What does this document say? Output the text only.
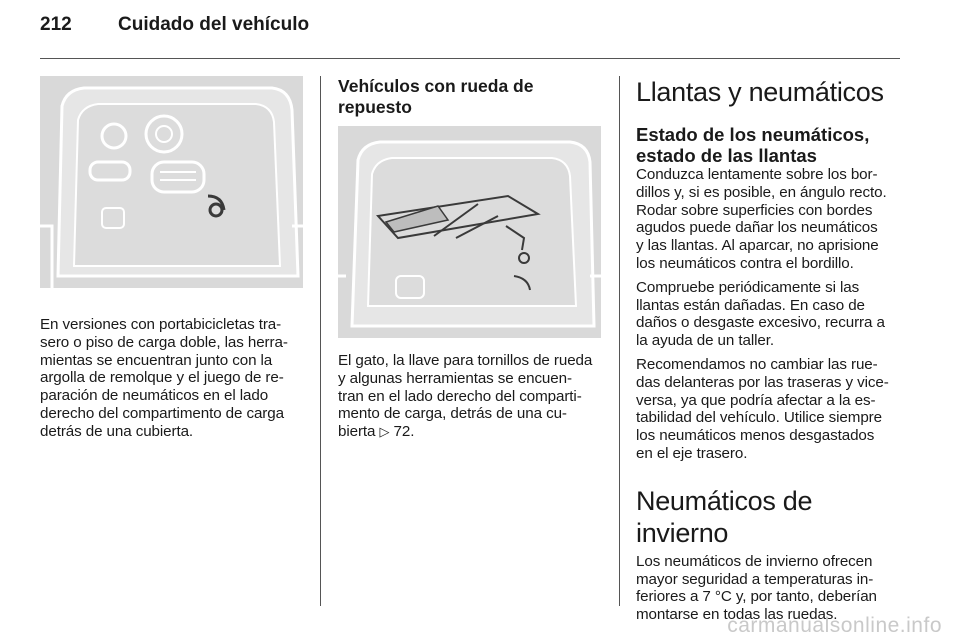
212 Cuidado del vehículo

En versiones con portabicicletas tra-
sero o piso de carga doble, las herra-
mientas se encuentran junto con la
argolla de remolque y el juego de re-
paración de neumáticos en el lado
derecho del compartimento de carga
detrás de una cubierta.

Vehículos con rueda de
repuesto

El gato, la llave para tornillos de rueda
y algunas herramientas se encuen-
tran en el lado derecho del comparti-
mento de carga, detrás de una cu-
bierta ▷ 72.

Llantas y neumáticos
Estado de los neumáticos,
estado de las llantas

Conduzca lentamente sobre los bor-
dillos y, si es posible, en ángulo recto.
Rodar sobre superficies con bordes
agudos puede dañar los neumáticos
y las llantas. Al aparcar, no aprisione
los neumáticos contra el bordillo.

Compruebe periódicamente si las
llantas están dañadas. En caso de
daños o desgaste excesivo, recurra a
la ayuda de un taller.

Recomendamos no cambiar las rue-
das delanteras por las traseras y vice-
versa, ya que podría afectar a la es-
tabilidad del vehículo. Utilice siempre
los neumáticos menos desgastados
en el eje trasero.

Neumáticos de invierno

Los neumáticos de invierno ofrecen
mayor seguridad a temperaturas in-
feriores a 7 °C y, por tanto, deberían
montarse en todas las ruedas.

carmanualsonline.info
